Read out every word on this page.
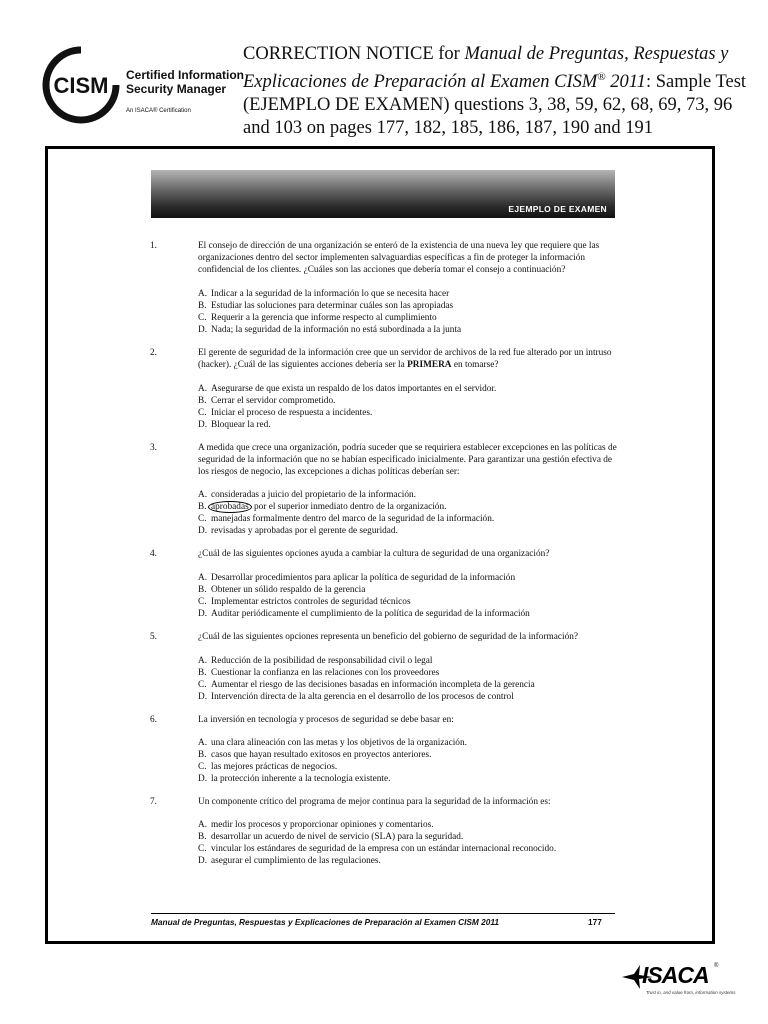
CISM Certified Information
Security Manager
An ISACA® Certification
CORRECTION NOTICE for Manual de Preguntas, Respuestas y Explicaciones de Preparación al Examen CISM® 2011: Sample Test (EJEMPLO DE EXAMEN) questions 3, 38, 59, 62, 68, 69, 73, 96 and 103 on pages 177, 182, 185, 186, 187, 190 and 191
EJEMPLO DE EXAMEN
1.	El consejo de dirección de una organización se enteró de la existencia de una nueva ley que requiere que las organizaciones dentro del sector implementen salvaguardias específicas a fin de proteger la información confidencial de los clientes. ¿Cuáles son las acciones que debería tomar el consejo a continuación?
A. Indicar a la seguridad de la información lo que se necesita hacer
B. Estudiar las soluciones para determinar cuáles son las apropiadas
C. Requerir a la gerencia que informe respecto al cumplimiento
D. Nada; la seguridad de la información no está subordinada a la junta
2.	El gerente de seguridad de la información cree que un servidor de archivos de la red fue alterado por un intruso (hacker). ¿Cuál de las siguientes acciones debería ser la PRIMERA en tomarse?
A. Asegurarse de que exista un respaldo de los datos importantes en el servidor.
B. Cerrar el servidor comprometido.
C. Iniciar el proceso de respuesta a incidentes.
D. Bloquear la red.
3.	A medida que crece una organización, podría suceder que se requiriera establecer excepciones en las políticas de seguridad de la información que no se habían especificado inicialmente. Para garantizar una gestión efectiva de los riesgos de negocio, las excepciones a dichas políticas deberían ser:
A. consideradas a juicio del propietario de la información.
B. aprobadas por el superior inmediato dentro de la organización.
C. manejadas formalmente dentro del marco de la seguridad de la información.
D. revisadas y aprobadas por el gerente de seguridad.
4.	¿Cuál de las siguientes opciones ayuda a cambiar la cultura de seguridad de una organización?
A. Desarrollar procedimientos para aplicar la política de seguridad de la información
B. Obtener un sólido respaldo de la gerencia
C. Implementar estrictos controles de seguridad técnicos
D. Auditar periódicamente el cumplimiento de la política de seguridad de la información
5.	¿Cuál de las siguientes opciones representa un beneficio del gobierno de seguridad de la información?
A. Reducción de la posibilidad de responsabilidad civil o legal
B. Cuestionar la confianza en las relaciones con los proveedores
C. Aumentar el riesgo de las decisiones basadas en información incompleta de la gerencia
D. Intervención directa de la alta gerencia en el desarrollo de los procesos de control
6.	La inversión en tecnología y procesos de seguridad se debe basar en:
A. una clara alineación con las metas y los objetivos de la organización.
B. casos que hayan resultado exitosos en proyectos anteriores.
C. las mejores prácticas de negocios.
D. la protección inherente a la tecnología existente.
7.	Un componente crítico del programa de mejor continua para la seguridad de la información es:
A. medir los procesos y proporcionar opiniones y comentarios.
B. desarrollar un acuerdo de nivel de servicio (SLA) para la seguridad.
C. vincular los estándares de seguridad de la empresa con un estándar internacional reconocido.
D. asegurar el cumplimiento de las regulaciones.
Manual de Preguntas, Respuestas y Explicaciones de Preparación al Examen CISM 2011	177
ISACA ®
Trust in, and value from, information systems
